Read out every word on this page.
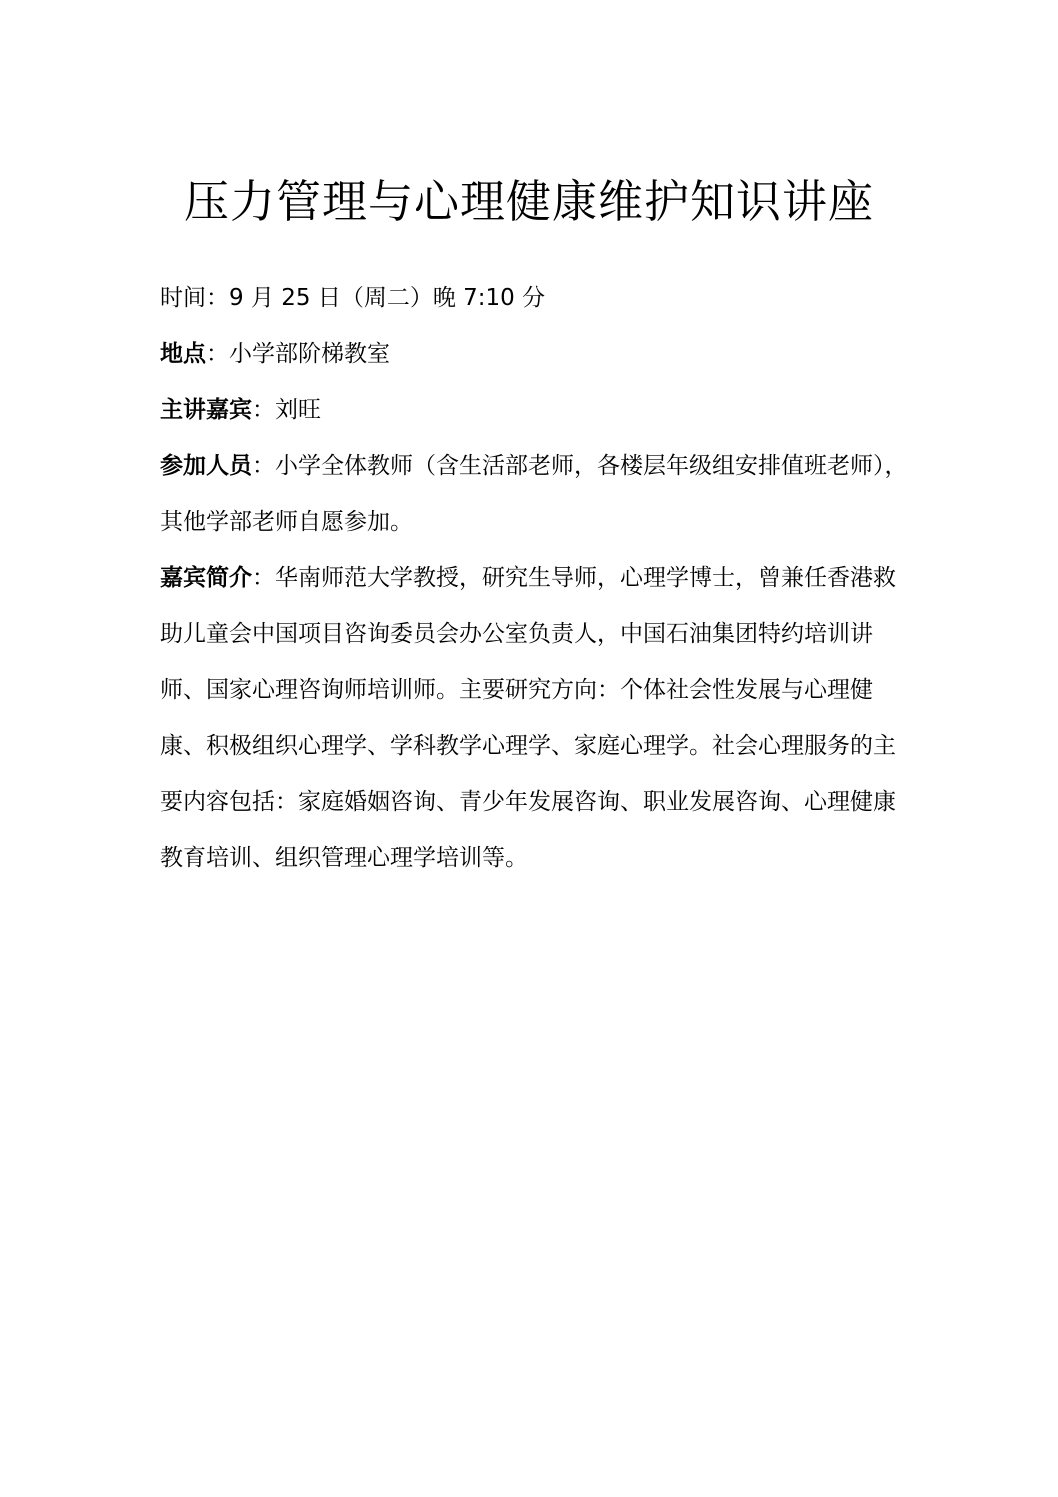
压力管理与心理健康维护知识讲座

时间：9 月 25 日（周二）晚 7:10 分

地点：小学部阶梯教室

主讲嘉宾：刘旺

参加人员：小学全体教师（含生活部老师，各楼层年级组安排值班老师），其他学部老师自愿参加。

嘉宾简介：华南师范大学教授，研究生导师，心理学博士，曾兼任香港救助儿童会中国项目咨询委员会办公室负责人，中国石油集团特约培训讲师、国家心理咨询师培训师。主要研究方向：个体社会性发展与心理健康、积极组织心理学、学科教学心理学、家庭心理学。社会心理服务的主要内容包括：家庭婚姻咨询、青少年发展咨询、职业发展咨询、心理健康教育培训、组织管理心理学培训等。
